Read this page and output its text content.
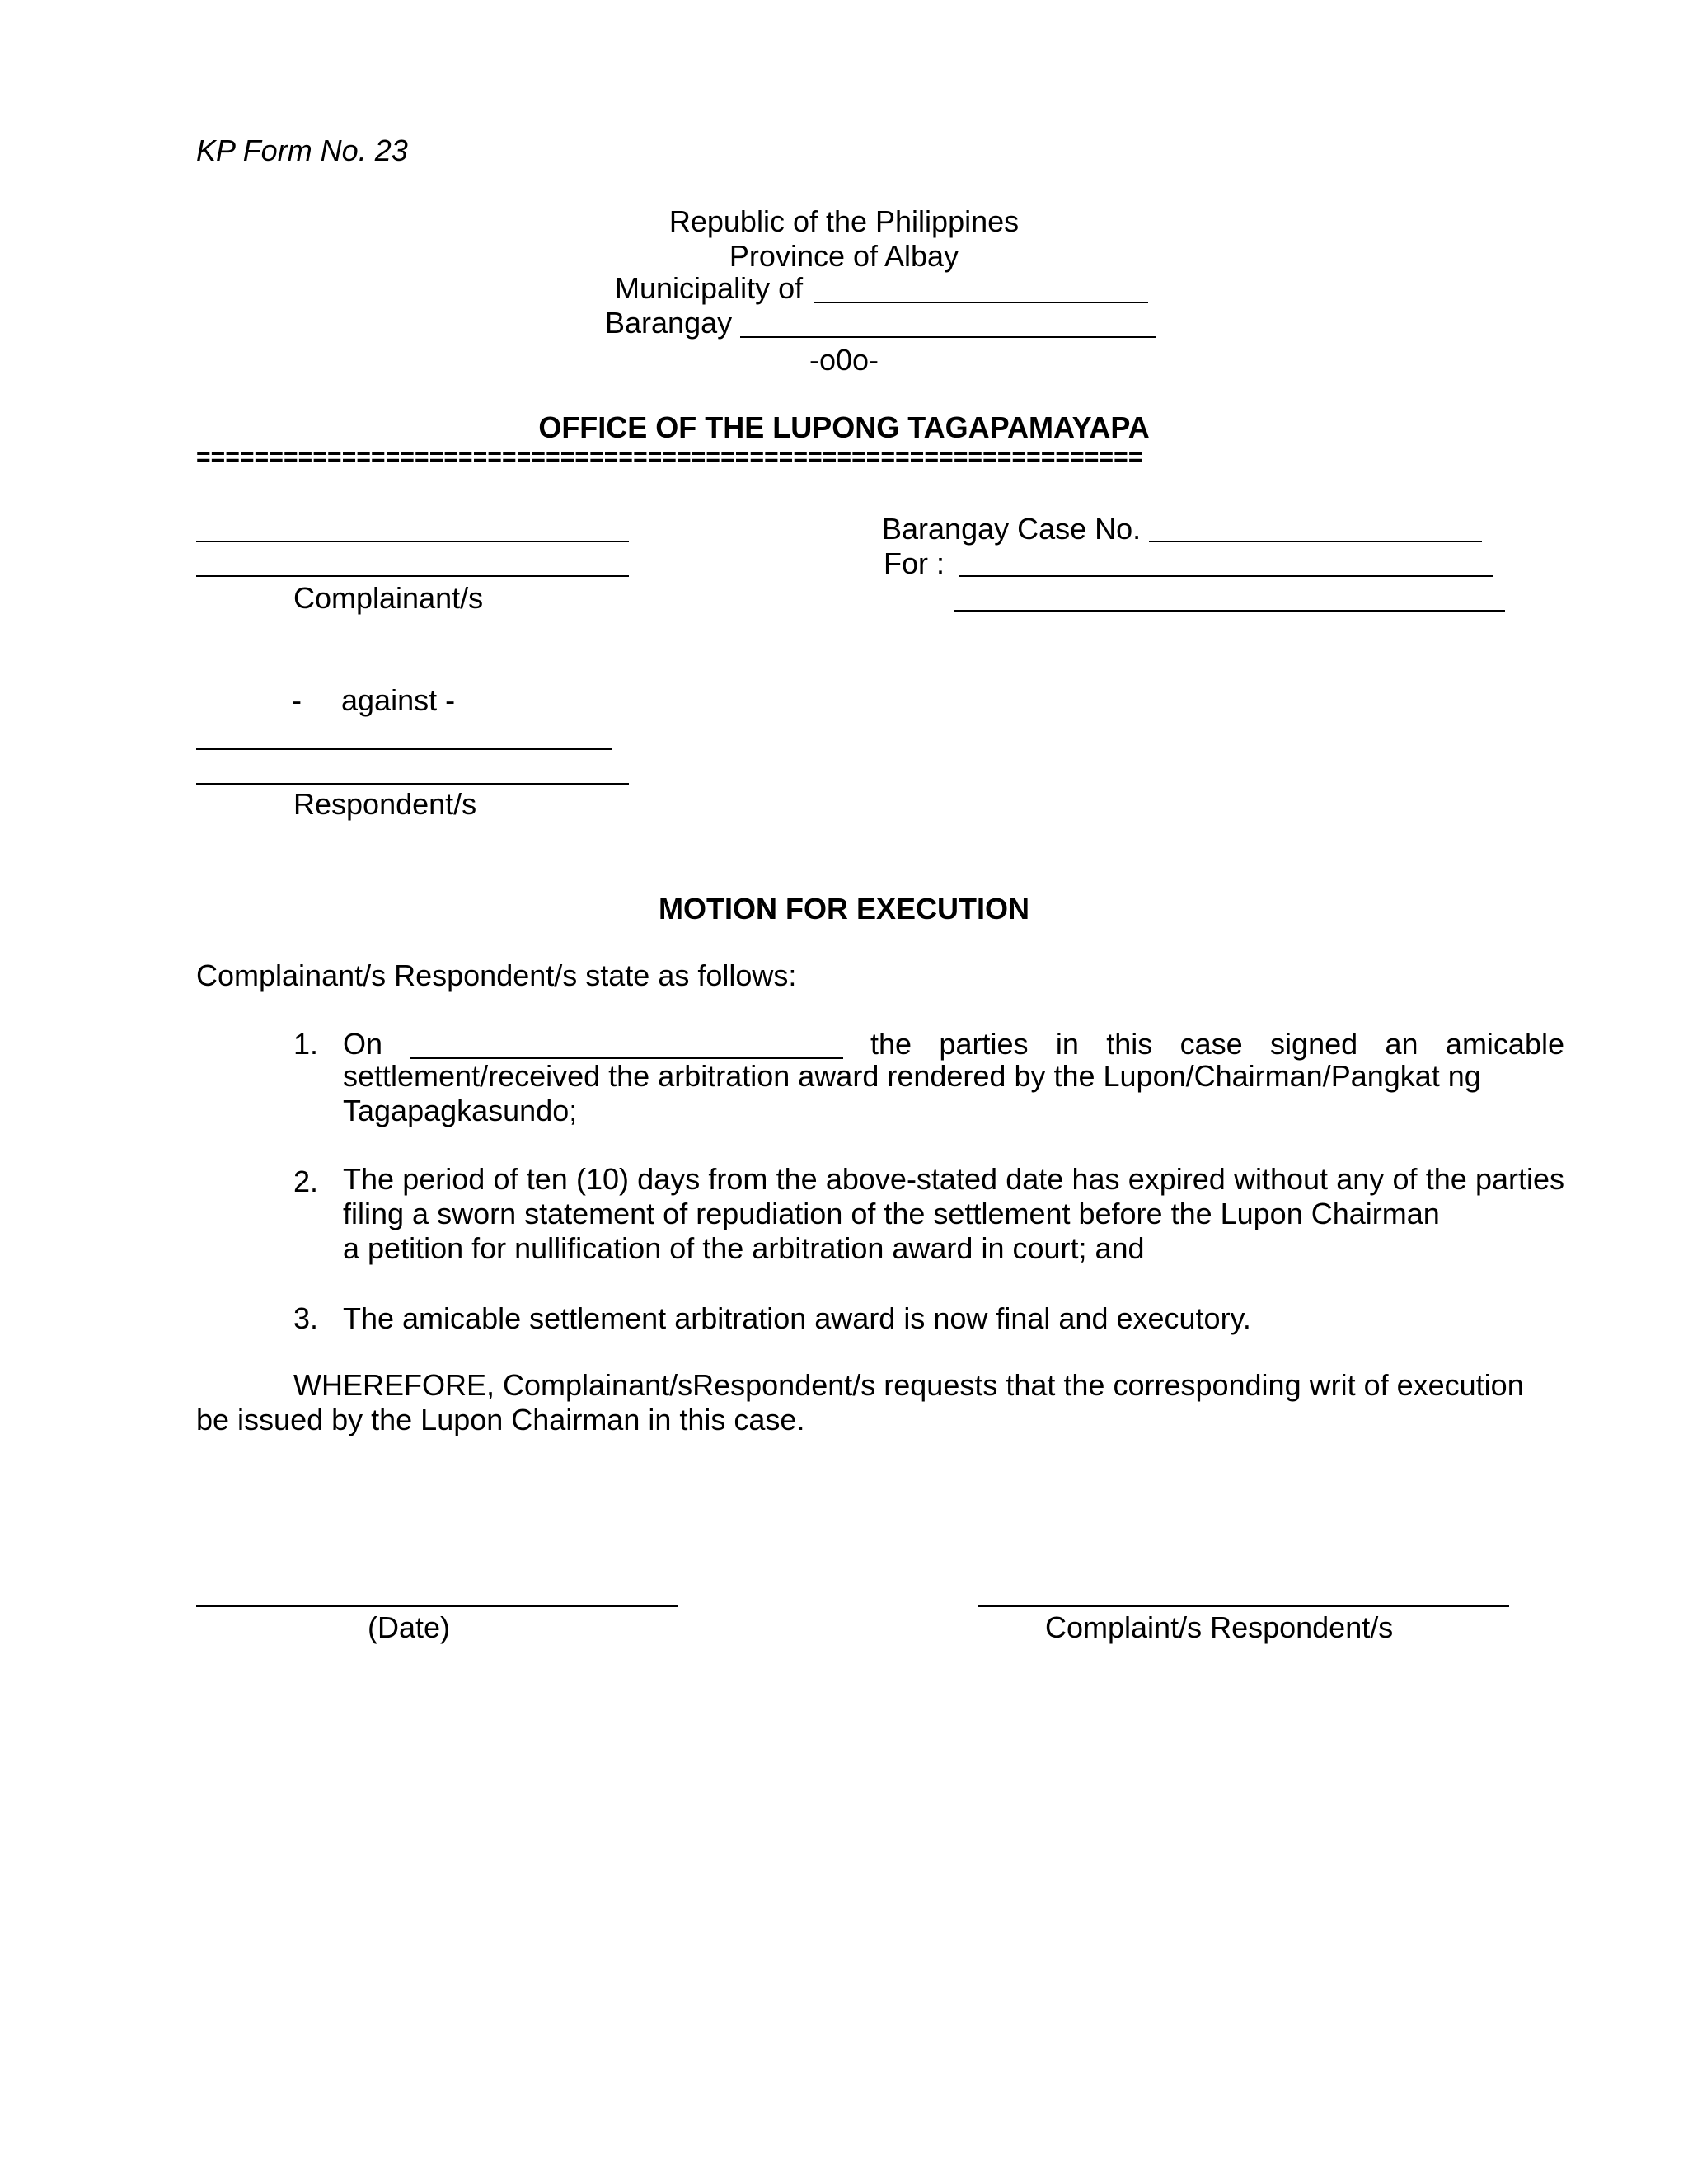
KP Form No. 23
Republic of the Philippines
Province of Albay
Municipality of
Barangay
-o0o-
OFFICE OF THE LUPONG TAGAPAMAYAPA
=================================================================
Complainant/s
Barangay Case No.
For :
- against -
Respondent/s
MOTION FOR EXECUTION
Complainant/s Respondent/s state as follows:
1. On	the parties in this case signed an amicable
settlement/received the arbitration award rendered by the Lupon/Chairman/Pangkat ng
Tagapagkasundo;
2. The period of ten (10) days from the above-stated date has expired without any of the parties filing a sworn statement of repudiation of the settlement before the Lupon Chairman
a petition for nullification of the arbitration award in court; and
3. The amicable settlement arbitration award is now final and executory.
WHEREFORE, Complainant/sRespondent/s requests that the corresponding writ of execution
be issued by the Lupon Chairman in this case.
(Date)	Complaint/s Respondent/s
